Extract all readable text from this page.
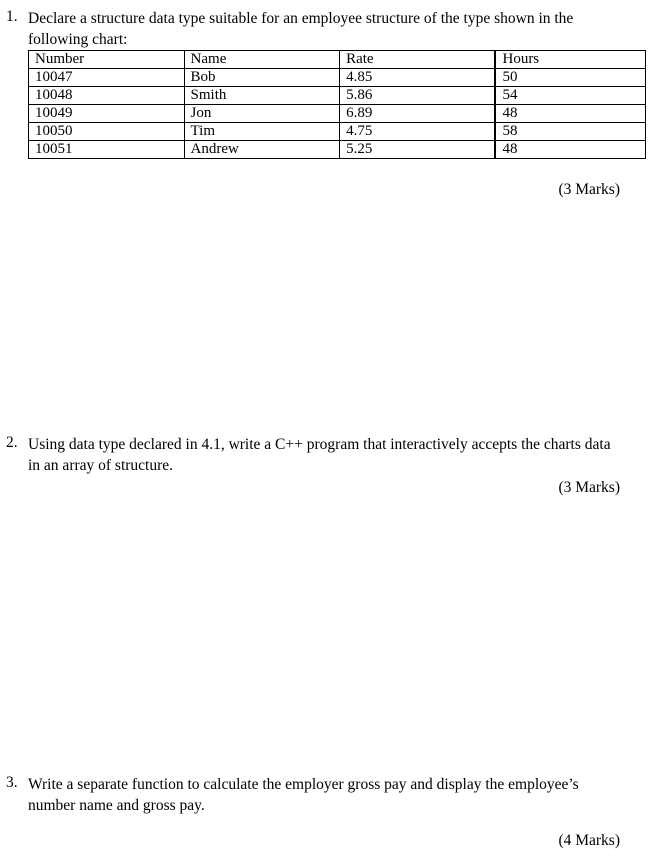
1. Declare a structure data type suitable for an employee structure of the type shown in the
following chart:
Number	Name	Rate	Hours
10047	Bob	4.85	50
10048	Smith	5.86	54
10049	Jon	6.89	48
10050	Tim	4.75	58
10051	Andrew	5.25	48
(3 Marks)
2. Using data type declared in 4.1, write a C++ program that interactively accepts the charts data
in an array of structure.
(3 Marks)
3. Write a separate function to calculate the employer gross pay and display the employee’s
number name and gross pay.
(4 Marks)
